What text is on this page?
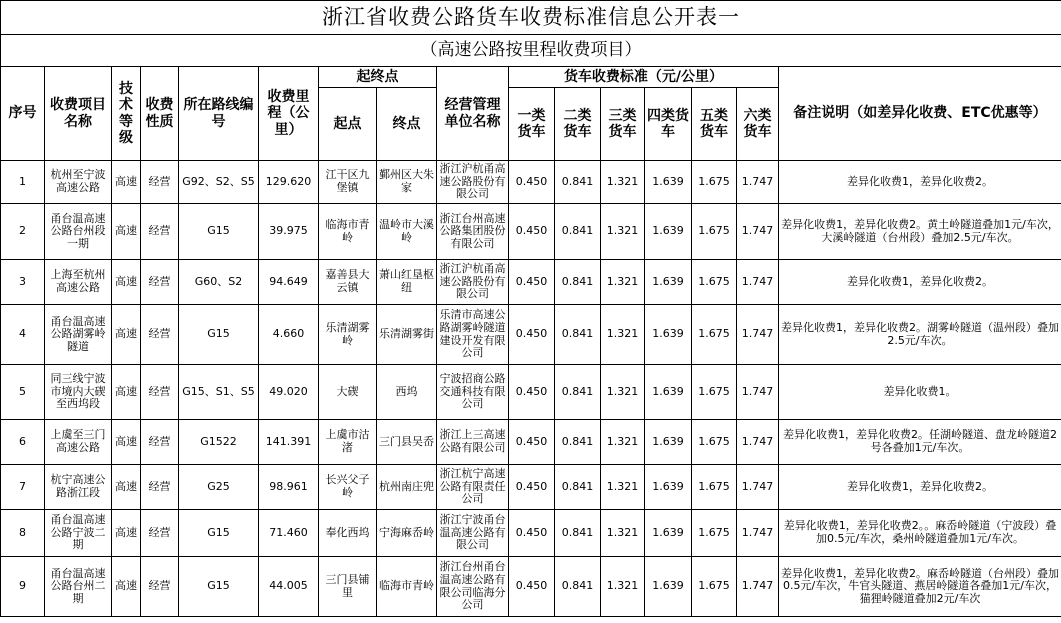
浙江省收费公路货车收费标准信息公开表一															
（高速公路按里程收费项目）															
序号	收费项目名称	技术等级	收费性质	所在路线编号	收费里程（公里）	起终点		经营管理单位名称	货车收费标准（元/公里）						备注说明（如差异化收费、ETC优惠等）
						起点	终点		一类货车	二类货车	三类货车	四类货车	五类货车	六类货车	
1	杭州至宁波高速公路	高速	经营	G92、S2、S5	129.620	江干区九堡镇	鄞州区大朱家	浙江沪杭甬高速公路股份有限公司	0.450	0.841	1.321	1.639	1.675	1.747	差异化收费1，差异化收费2。
2	甬台温高速公路台州段一期	高速	经营	G15	39.975	临海市青岭	温岭市大溪岭	浙江台州高速公路集团股份有限公司	0.450	0.841	1.321	1.639	1.675	1.747	差异化收费1，差异化收费2。黄土岭隧道叠加1元/车次，大溪岭隧道（台州段）叠加2.5元/车次。
3	上海至杭州高速公路	高速	经营	G60、S2	94.649	嘉善县大云镇	萧山红垦枢纽	浙江沪杭甬高速公路股份有限公司	0.450	0.841	1.321	1.639	1.675	1.747	差异化收费1，差异化收费2。
4	甬台温高速公路湖雾岭隧道	高速	经营	G15	4.660	乐清湖雾岭	乐清湖雾街	乐清市高速公路湖雾岭隧道建设开发有限公司	0.450	0.841	1.321	1.639	1.675	1.747	差异化收费1，差异化收费2。湖雾岭隧道（温州段）叠加2.5元/车次。
5	同三线宁波市境内大碶至西坞段	高速	经营	G15、S1、S5	49.020	大碶	西坞	宁波招商公路交通科技有限公司	0.450	0.841	1.321	1.639	1.675	1.747	差异化收费1。
6	上虞至三门高速公路	高速	经营	G1522	141.391	上虞市沽渚	三门县吴岙	浙江上三高速公路有限公司	0.450	0.841	1.321	1.639	1.675	1.747	差异化收费1，差异化收费2。任湖岭隧道、盘龙岭隧道2号各叠加1元/车次。
7	杭宁高速公路浙江段	高速	经营	G25	98.961	长兴父子岭	杭州南庄兜	浙江杭宁高速公路有限责任公司	0.450	0.841	1.321	1.639	1.675	1.747	差异化收费1，差异化收费2。
8	甬台温高速公路宁波二期	高速	经营	G15	71.460	奉化西坞	宁海麻岙岭	浙江宁波甬台温高速公路有限公司	0.450	0.841	1.321	1.639	1.675	1.747	差异化收费1，差异化收费2。。麻岙岭隧道（宁波段）叠加0.5元/车次，桑州岭隧道叠加1元/车次。
9	甬台温高速公路台州二期	高速	经营	G15	44.005	三门县铺里	临海市青岭	浙江台州甬台温高速公路有限公司临海分公司	0.450	0.841	1.321	1.639	1.675	1.747	差异化收费1，差异化收费2。麻岙岭隧道（台州段）叠加0.5元/车次，牛官头隧道、燕居岭隧道各叠加1元/车次，猫狸岭隧道叠加2元/车次
